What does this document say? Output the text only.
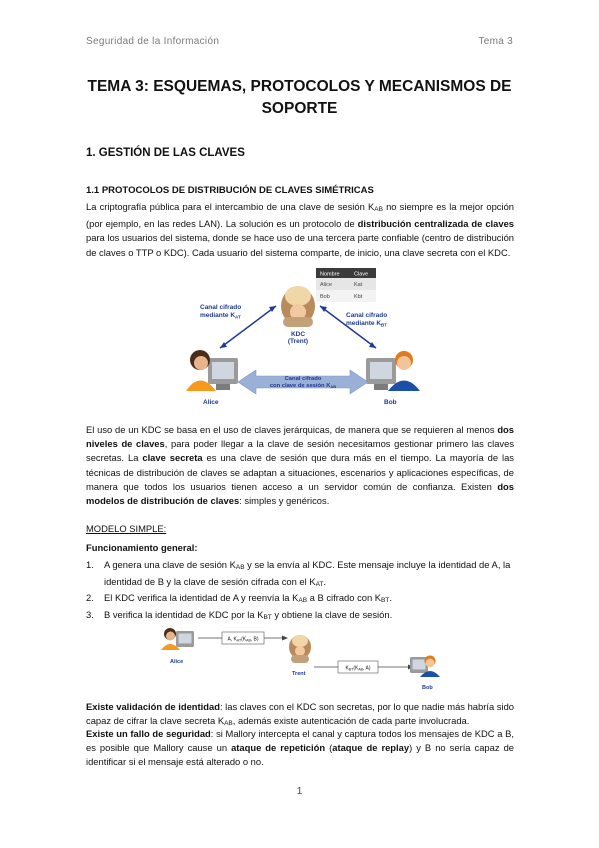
Seguridad de la Información	Tema 3
TEMA 3: ESQUEMAS, PROTOCOLOS Y MECANISMOS DE SOPORTE
1. GESTIÓN DE LAS CLAVES
1.1 PROTOCOLOS DE DISTRIBUCIÓN DE CLAVES SIMÉTRICAS
La criptografía pública para el intercambio de una clave de sesión KAB no siempre es la mejor opción (por ejemplo, en las redes LAN). La solución es un protocolo de distribución centralizada de claves para los usuarios del sistema, donde se hace uso de una tercera parte confiable (centro de distribución de claves o TTP o KDC). Cada usuario del sistema comparte, de inicio, una clave secreta con el KDC.
Nombre	Clave
Alice	Kat
Bob	Kbt
KDC
(Trent)
Canal cifrado
mediante $K_{AT}$	Canal cifrado
mediante $K_{BT}$
Alice	Bob
Canal cifrado
con clave de sesión $K_{AB}$
El uso de un KDC se basa en el uso de claves jerárquicas, de manera que se requieren al menos dos niveles de claves, para poder llegar a la clave de sesión necesitamos gestionar primero las claves secretas. La clave secreta es una clave de sesión que dura más en el tiempo. La mayoría de las técnicas de distribución de claves se adaptan a situaciones, escenarios y aplicaciones específicas, de manera que todos los usuarios tienen acceso a un servidor común de confianza. Existen dos modelos de distribución de claves: simples y genéricos.
MODELO SIMPLE:
Funcionamiento general:
1.	A genera una clave de sesión KAB y se la envía al KDC. Este mensaje incluye la identidad de A, la identidad de B y la clave de sesión cifrada con el KAT.
2.	El KDC verifica la identidad de A y reenvía la KAB a B cifrado con KBT.
3.	B verifica la identidad de KDC por la KBT y obtiene la clave de sesión.
Alice
A, $K_{AT}(K_{AB}$, B)
Trent
$K_{BT}(K_{AB}$, A)
Bob
Existe validación de identidad: las claves con el KDC son secretas, por lo que nadie más habría sido capaz de cifrar la clave secreta KAB, además existe autenticación de cada parte involucrada.
Existe un fallo de seguridad: si Mallory intercepta el canal y captura todos los mensajes de KDC a B, es posible que Mallory cause un ataque de repetición (ataque de replay) y B no sería capaz de identificar si el mensaje está alterado o no.
1
